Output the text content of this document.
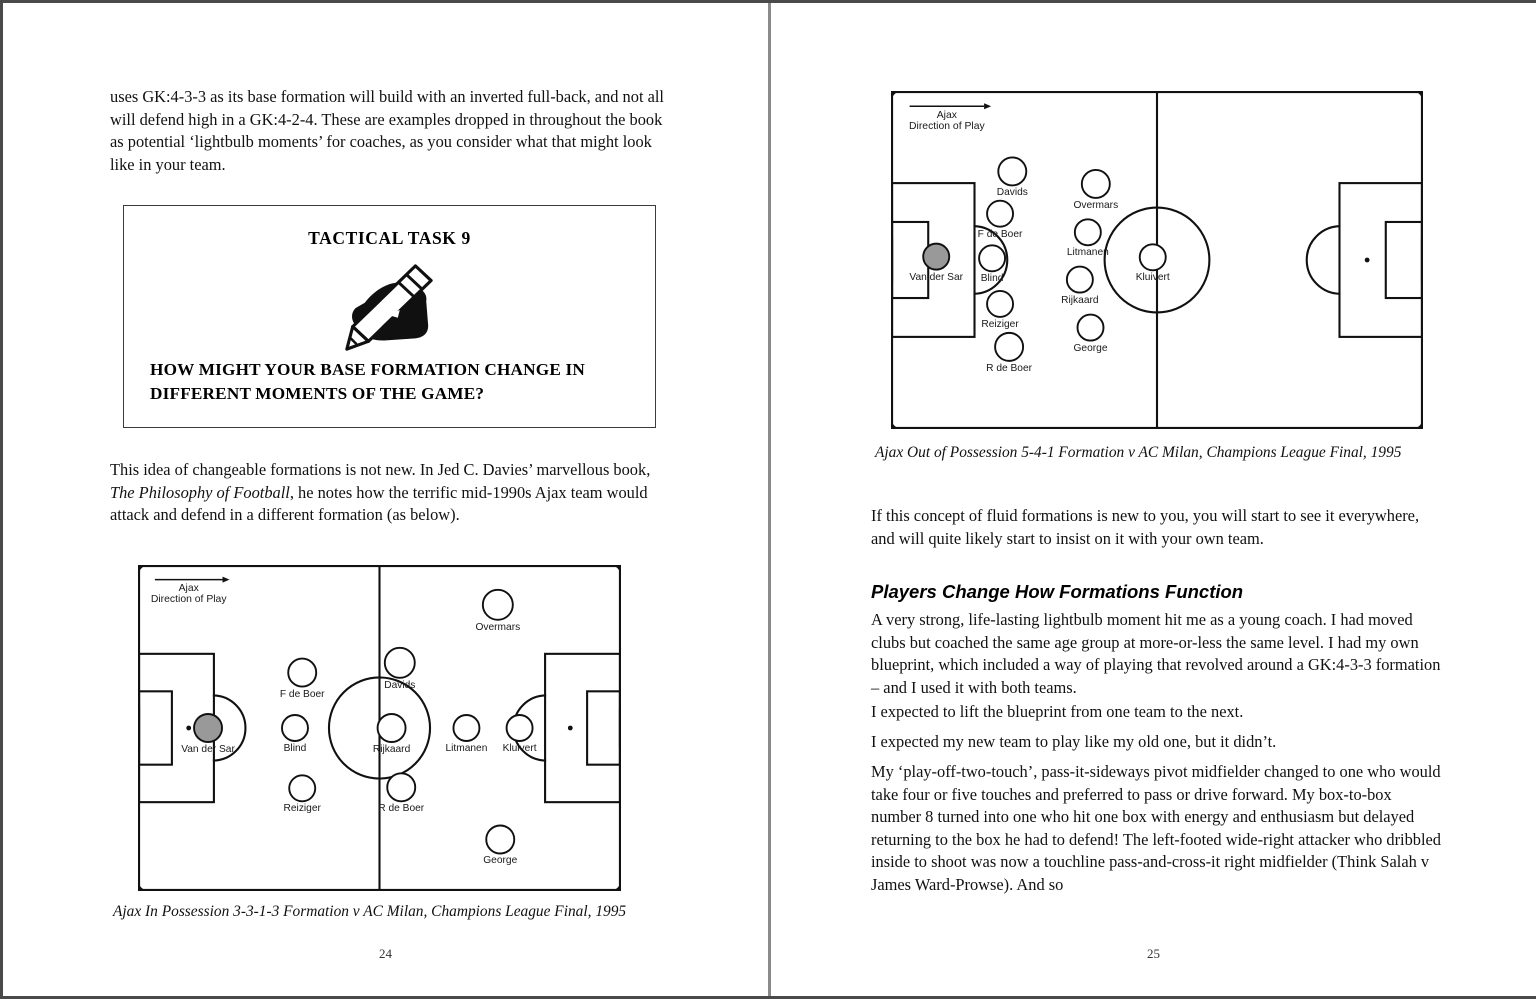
uses GK:4-3-3 as its base formation will build with an inverted full-back, and not all will defend high in a GK:4-2-4. These are examples dropped in throughout the book as potential ‘lightbulb moments’ for coaches, as you consider what that might look like in your team.
TACTICAL TASK 9
HOW MIGHT YOUR BASE FORMATION CHANGE IN DIFFERENT MOMENTS OF THE GAME?
This idea of changeable formations is not new. In Jed C. Davies’ marvellous book, The Philosophy of Football, he notes how the terrific mid-1990s Ajax team would attack and defend in a different formation (as below).
Ajax
Direction of Play
Van der Sar
F de Boer
Blind
Reiziger
Davids
Rijkaard
R de Boer
Litmanen Kluivert
Overmars
George
Ajax In Possession 3-3-1-3 Formation v AC Milan, Champions League Final, 1995
24
Ajax
Direction of Play
Van der Sar
Davids
F de Boer
Blind
Reiziger
R de Boer
Overmars
Litmanen
Rijkaard
George
Kluivert
Ajax Out of Possession 5-4-1 Formation v AC Milan, Champions League Final, 1995
If this concept of fluid formations is new to you, you will start to see it everywhere, and will quite likely start to insist on it with your own team.
Players Change How Formations Function
A very strong, life-lasting lightbulb moment hit me as a young coach. I had moved clubs but coached the same age group at more-or-less the same level. I had my own blueprint, which included a way of playing that revolved around a GK:4-3-3 formation – and I used it with both teams.
I expected to lift the blueprint from one team to the next.
I expected my new team to play like my old one, but it didn’t.
My ‘play-off-two-touch’, pass-it-sideways pivot midfielder changed to one who would take four or five touches and preferred to pass or drive forward. My box-to-box number 8 turned into one who hit one box with energy and enthusiasm but delayed returning to the box he had to defend! The left-footed wide-right attacker who dribbled inside to shoot was now a touchline pass-and-cross-it right midfielder (Think Salah v James Ward-Prowse). And so
25
